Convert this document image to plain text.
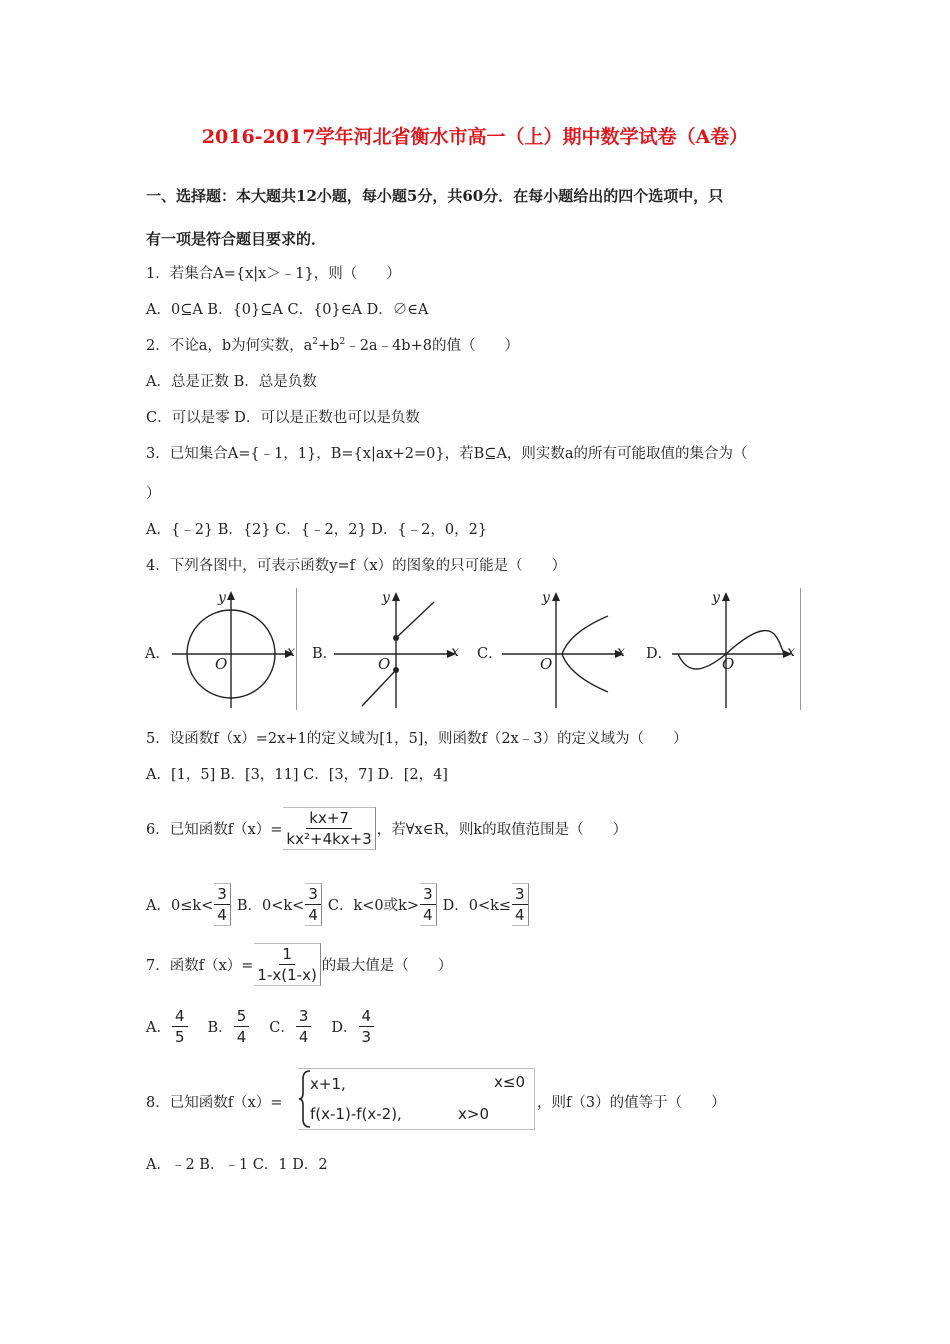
2016-2017学年河北省衡水市高一（上）期中数学试卷（A卷）
一、选择题：本大题共12小题，每小题5分，共60分．在每小题给出的四个选项中，只
有一项是符合题目要求的．
1．若集合A={x|x＞﹣1}，则（　　）
A．0⊆A B．{0}⊆A C．{0}∈A D．∅∈A
2．不论a，b为何实数，$a^2+b^2﹣2a﹣4b+8$的值（　　）
A．总是正数 B．总是负数
C．可以是零 D．可以是正数也可以是负数
3．已知集合A={﹣1，1}，B={x|ax+2=0}，若B⊆A，则实数a的所有可能取值的集合为（
）
A．{﹣2} B．{2} C．{﹣2，2} D．{﹣2，0，2}
4．下列各图中，可表示函数y=f（x）的图象的只可能是（　　）
A．
y
x
O
B．
y
x
O
C．
y
x
O
D．
y
x
O
5．设函数f（x）=2x+1的定义域为[1，5]，则函数f（2x﹣3）的定义域为（　　）
A．[1，5] B．[3，11] C．[3，7] D．[2，4]
6．已知函数$f(x)= \frac{kx+7}{\text{kx²+4kx+3}}$ ，若∀x∈R，则k的取值范围是（　　）
A．$0\le k< \frac{3}{4}$ B．$0<k< \frac{3}{4}$ C．k<0或$k> \frac{3}{4}$ D．$0<k\le \frac{3}{4}$
7．函数$f(x)= \frac{1}{1-x(1-x)}$ 的最大值是（　　）
A． $\frac{4}{5}$ B． $\frac{5}{4}$ C． $\frac{3}{4}$ D． $\frac{4}{3}$
8．已知函数f（x）=
x+1,	x≤0
f(x-1)-f(x-2),	x>0
，则f（3）的值等于（　　）
A．﹣2 B．﹣1 C．1 D．2
